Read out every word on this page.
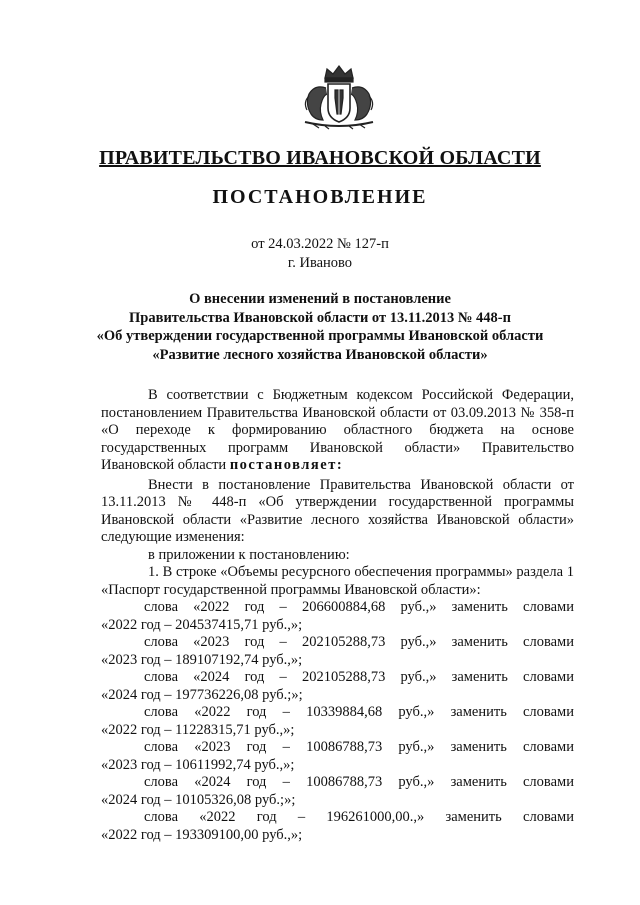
ПРАВИТЕЛЬСТВО ИВАНОВСКОЙ ОБЛАСТИ
ПОСТАНОВЛЕНИЕ
от 24.03.2022 № 127-п
г. Иваново
О внесении изменений в постановление
Правительства Ивановской области от 13.11.2013 № 448-п
«Об утверждении государственной программы Ивановской области
«Развитие лесного хозяйства Ивановской области»

В соответствии с Бюджетным кодексом Российской Федерации, постановлением Правительства Ивановской области от 03.09.2013 № 358-п «О переходе к формированию областного бюджета на основе государственных программ Ивановской области» Правительство Ивановской области постановляет:

Внести в постановление Правительства Ивановской области от 13.11.2013 № 448-п «Об утверждении государственной программы Ивановской области «Развитие лесного хозяйства Ивановской области» следующие изменения:

в приложении к постановлению:

1. В строке «Объемы ресурсного обеспечения программы» раздела 1 «Паспорт государственной программы Ивановской области»:

слова «2022 год – 206600884,68 руб.,» заменить словами

«2022 год – 204537415,71 руб.,»;

слова «2023 год – 202105288,73 руб.,» заменить словами

«2023 год – 189107192,74 руб.,»;

слова «2024 год – 202105288,73 руб.,» заменить словами

«2024 год – 197736226,08 руб.;»;

слова «2022 год – 10339884,68 руб.,» заменить словами

«2022 год – 11228315,71 руб.,»;

слова «2023 год – 10086788,73 руб.,» заменить словами

«2023 год – 10611992,74 руб.,»;

слова «2024 год – 10086788,73 руб.,» заменить словами

«2024 год – 10105326,08 руб.;»;

слова «2022 год – 196261000,00.,» заменить словами

«2022 год – 193309100,00 руб.,»;
